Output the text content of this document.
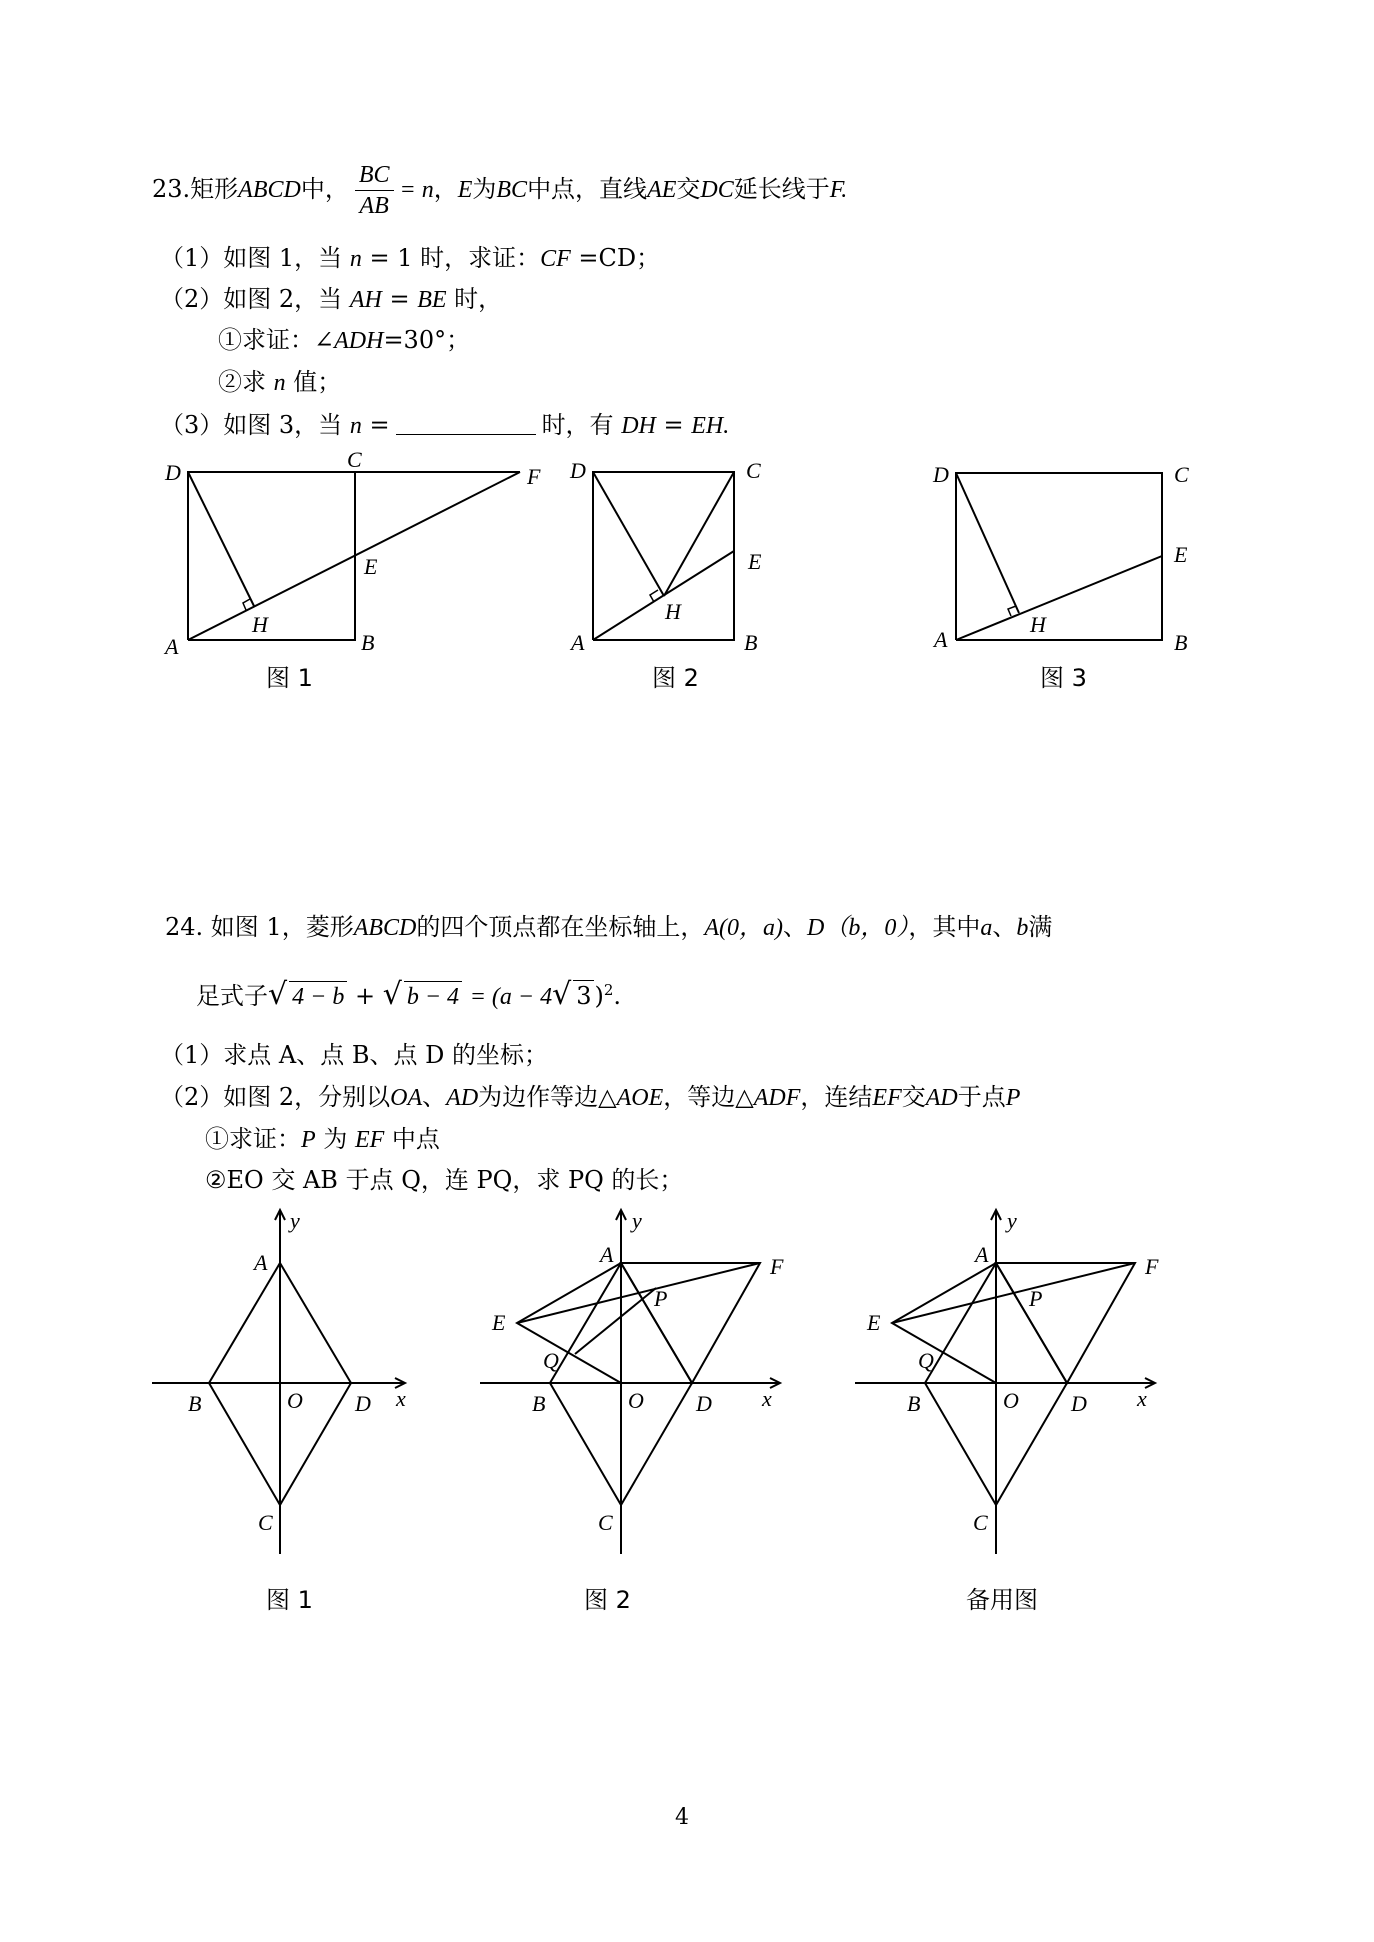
23.矩形ABCD中， $\frac{BC}{AB} = n$，E为BC中点，直线AE交DC延长线于F.
（1）如图 1，当 n = 1 时，求证：CF =CD；
（2）如图 2，当 AH = BE 时，
①求证：∠ADH=30°；
②求 n 值；
（3）如图 3，当 n =	时，有 DH = EH.
24. 如图 1，菱形ABCD的四个顶点都在坐标轴上，A(0，a)、D（b，0），其中a、b满
足式子√ 4 − b + √ b − 4 = (a − 4√ 3 )$^2$.
（1）求点 A、点 B、点 D 的坐标；
（2）如图 2，分别以OA、AD为边作等边△AOE，等边△ADF，连结EF交AD于点P
①求证：P 为 EF 中点
②EO 交 AB 于点 Q，连 PQ，求 PQ 的长；
D
C
F
E
H
A	B
图 1
D	C
E
H
A	B
图 2
D	C
E
H
A	B
图 3
y
A
B	O D x
C
图 1
y
A	F
P
E
Q
B	O D x
C
图 2
y
A	F
P
E
Q
B	O D x
C
备用图
4
